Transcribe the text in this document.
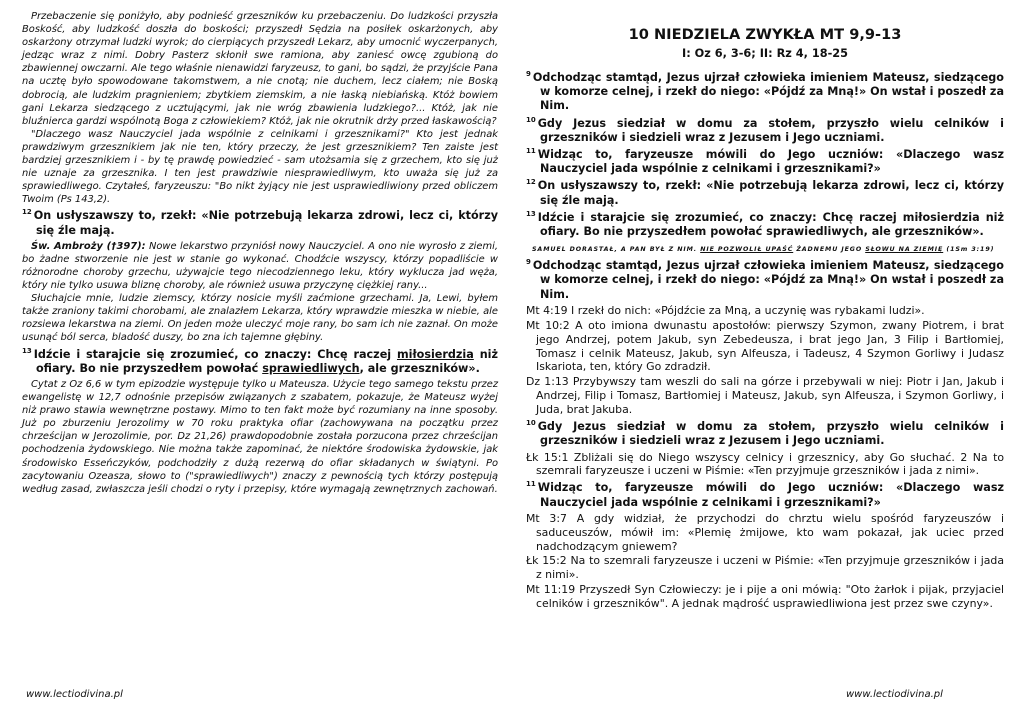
Przebaczenie się poniżyło, aby podnieść grzeszników ku przebaczeniu. Do ludzkości przyszła Boskość, aby ludzkość doszła do boskości; przyszedł Sędzia na posiłek oskarżonych, aby oskarżony otrzymał ludzki wyrok; do cierpiących przyszedł Lekarz, aby umocnić wyczerpanych, jedząc wraz z nimi. Dobry Pasterz skłonił swe ramiona, aby zaniesć owcę zgubioną do zbawiennej owczarni. Ale tego właśnie nienawidzi faryzeusz, to gani, bo sądzi, że przyjście Pana na ucztę było spowodowane takomstwem, a nie cnotą; nie duchem, lecz ciałem; nie Boską dobrocią, ale ludzkim pragnieniem; zbytkiem ziemskim, a nie łaską niebiańską. Któż bowiem gani Lekarza siedzącego z ucztującymi, jak nie wróg zbawienia ludzkiego?... Któż, jak nie bluźnierca gardzi wspólnotą Boga z człowiekiem? Któż, jak nie okrutnik drży przed łaskawością?

"Dlaczego wasz Nauczyciel jada wspólnie z celnikami i grzesznikami?" Kto jest jednak prawdziwym grzesznikiem jak nie ten, który przeczy, że jest grzesznikiem? Ten zaiste jest bardziej grzesznikiem i - by tę prawdę powiedzieć - sam utożsamia się z grzechem, kto się już nie uznaje za grzesznika. I ten jest prawdziwie niesprawiedliwym, kto uważa się już za sprawiedliwego. Czytałeś, faryzeuszu: "Bo nikt żyjący nie jest usprawiedliwiony przed obliczem Twoim (Ps 143,2).

$^{12}$ On usłyszawszy to, rzekł: «Nie potrzebują lekarza zdrowi, lecz ci, którzy się źle mają.

Św. Ambroży (†397): Nowe lekarstwo przyniósł nowy Nauczyciel. A ono nie wyrosło z ziemi, bo żadne stworzenie nie jest w stanie go wykonać. Chodźcie wszyscy, którzy popadliście w różnorodne choroby grzechu, używajcie tego niecodziennego leku, który wyklucza jad węża, który nie tylko usuwa bliznę choroby, ale również usuwa przyczynę ciężkiej rany...

Słuchajcie mnie, ludzie ziemscy, którzy nosicie myśli zaćmione grzechami. Ja, Lewi, byłem także zraniony takimi chorobami, ale znalazłem Lekarza, który wprawdzie mieszka w niebie, ale rozsiewa lekarstwa na ziemi. On jeden może uleczyć moje rany, bo sam ich nie zaznał. On może usunąć ból serca, bladość duszy, bo zna ich tajemne głębiny.

$^{13}$ Idźcie i starajcie się zrozumieć, co znaczy: Chcę raczej miłosierdzia niż ofiary. Bo nie przyszedłem powołać sprawiedliwych, ale grzeszników».

Cytat z Oz 6,6 w tym epizodzie występuje tylko u Mateusza. Użycie tego samego tekstu przez ewangelistę w 12,7 odnośnie przepisów związanych z szabatem, pokazuje, że Mateusz wyżej niż prawo stawia wewnętrzne postawy. Mimo to ten fakt może być rozumiany na inne sposoby. Już po zburzeniu Jerozolimy w 70 roku praktyka ofiar (zachowywana na początku przez chrześcijan w Jerozolimie, por. Dz 21,26) prawdopodobnie została porzucona przez chrześcijan pochodzenia żydowskiego. Nie można także zapominać, że niektóre środowiska żydowskie, jak środowisko Esseńczyków, podchodziły z dużą rezerwą do ofiar składanych w świątyni. Po zacytowaniu Ozeasza, słowo to ("sprawiedliwych") znaczy z pewnością tych którzy postępują według zasad, zwłaszcza jeśli chodzi o ryty i przepisy, które wymagają zewnętrznych zachowań.

10 NIEDZIELA ZWYKŁA MT 9,9-13
I: Oz 6, 3-6; II: Rz 4, 18-25

$^9$ Odchodząc stamtąd, Jezus ujrzał człowieka imieniem Mateusz, siedzącego w komorze celnej, i rzekł do niego: «Pójdź za Mną!» On wstał i poszedł za Nim.

$^{10}$ Gdy Jezus siedział w domu za stołem, przyszło wielu celników i grzeszników i siedzieli wraz z Jezusem i Jego uczniami.

$^{11}$ Widząc to, faryzeusze mówili do Jego uczniów: «Dlaczego wasz Nauczyciel jada wspólnie z celnikami i grzesznikami?»

$^{12}$ On usłyszawszy to, rzekł: «Nie potrzebują lekarza zdrowi, lecz ci, którzy się źle mają.

$^{13}$ Idźcie i starajcie się zrozumieć, co znaczy: Chcę raczej miłosierdzia niż ofiary. Bo nie przyszedłem powołać sprawiedliwych, ale grzeszników».

SAMUEL DORASTAŁ, A PAN BYŁ Z NIM. NIE POZWOLIŁ UPAŚĆ ŻADNEMU JEGO SŁOWU NA ZIEMIĘ (1Sm 3:19)

$^9$ Odchodząc stamtąd, Jezus ujrzał człowieka imieniem Mateusz, siedzącego w komorze celnej, i rzekł do niego: «Pójdź za Mną!» On wstał i poszedł za Nim.

Mt 4:19 I rzekł do nich: «Pójdźcie za Mną, a uczynię was rybakami ludzi».

Mt 10:2 A oto imiona dwunastu apostołów: pierwszy Szymon, zwany Piotrem, i brat jego Andrzej, potem Jakub, syn Zebedeusza, i brat jego Jan, 3 Filip i Bartłomiej, Tomasz i celnik Mateusz, Jakub, syn Alfeusza, i Tadeusz, 4 Szymon Gorliwy i Judasz Iskariota, ten, który Go zdradził.

Dz 1:13 Przybywszy tam weszli do sali na górze i przebywali w niej: Piotr i Jan, Jakub i Andrzej, Filip i Tomasz, Bartłomiej i Mateusz, Jakub, syn Alfeusza, i Szymon Gorliwy, i Juda, brat Jakuba.

$^{10}$ Gdy Jezus siedział w domu za stołem, przyszło wielu celników i grzeszników i siedzieli wraz z Jezusem i Jego uczniami.

Łk 15:1 Zbliżali się do Niego wszyscy celnicy i grzesznicy, aby Go słuchać. 2 Na to szemrali faryzeusze i uczeni w Piśmie: «Ten przyjmuje grzeszników i jada z nimi».

$^{11}$ Widząc to, faryzeusze mówili do Jego uczniów: «Dlaczego wasz Nauczyciel jada wspólnie z celnikami i grzesznikami?»

Mt 3:7 A gdy widział, że przychodzi do chrztu wielu spośród faryzeuszów i saduceuszów, mówił im: «Plemię żmijowe, kto wam pokazał, jak uciec przed nadchodzącym gniewem?

Łk 15:2 Na to szemrali faryzeusze i uczeni w Piśmie: «Ten przyjmuje grzeszników i jada z nimi».

Mt 11:19 Przyszedł Syn Człowieczy: je i pije a oni mówią: "Oto żarłok i pijak, przyjaciel celników i grzeszników". A jednak mądrość usprawiedliwiona jest przez swe czyny».

www.lectiodivina.pl	www.lectiodivina.pl
